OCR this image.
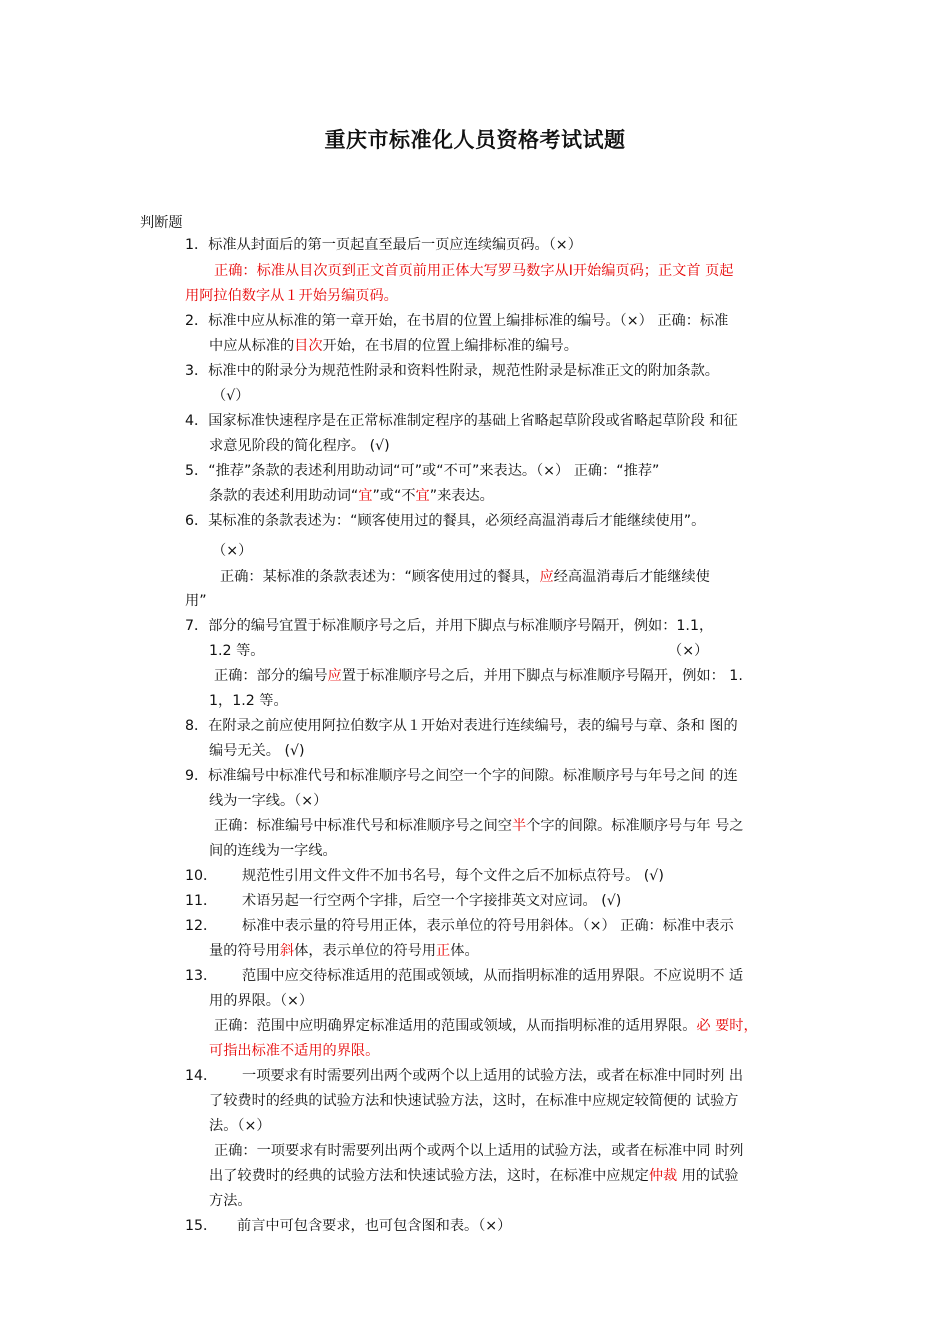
重庆市标准化人员资格考试试题
判断题
1．标准从封面后的第一页起直至最后一页应连续编页码。（×）
正确：标准从目次页到正文首页前用正体大写罗马数字从Ⅰ开始编页码；正文首 页起
用阿拉伯数字从１开始另编页码。
2．标准中应从标准的第一章开始，在书眉的位置上编排标准的编号。（×） 正确：标准
中应从标准的目次开始，在书眉的位置上编排标准的编号。
3．标准中的附录分为规范性附录和资料性附录，规范性附录是标准正文的附加条款。
（√）
4．国家标准快速程序是在正常标准制定程序的基础上省略起草阶段或省略起草阶段 和征
求意见阶段的简化程序。 (√)
5．“推荐”条款的表述利用助动词“可”或“不可”来表达。（×） 正确：“推荐”
条款的表述利用助动词“宜”或“不宜”来表达。
6．某标准的条款表述为：“顾客使用过的餐具，必须经高温消毒后才能继续使用”。
（×）
正确：某标准的条款表述为：“顾客使用过的餐具，应经高温消毒后才能继续使
用”
7．部分的编号宜置于标准顺序号之后，并用下脚点与标准顺序号隔开，例如：1.1，
1.2 等。	（×）
正确：部分的编号应置于标准顺序号之后，并用下脚点与标准顺序号隔开，例如： 1.
1，1.2 等。
8．在附录之前应使用阿拉伯数字从１开始对表进行连续编号，表的编号与章、条和 图的
编号无关。 (√)
9．标准编号中标准代号和标准顺序号之间空一个字的间隙。标准顺序号与年号之间 的连
线为一字线。（×）
正确：标准编号中标准代号和标准顺序号之间空半个字的间隙。标准顺序号与年 号之
间的连线为一字线。
10． 规范性引用文件文件不加书名号，每个文件之后不加标点符号。 (√)
11． 术语另起一行空两个字排，后空一个字接排英文对应词。 (√)
12． 标准中表示量的符号用正体，表示单位的符号用斜体。（×） 正确：标准中表示
量的符号用斜体，表示单位的符号用正体。
13． 范围中应交待标准适用的范围或领域，从而指明标准的适用界限。不应说明不 适
用的界限。（×）
正确：范围中应明确界定标准适用的范围或领域，从而指明标准的适用界限。必 要时，
可指出标准不适用的界限。
14． 一项要求有时需要列出两个或两个以上适用的试验方法，或者在标准中同时列 出
了较费时的经典的试验方法和快速试验方法，这时，在标准中应规定较简便的 试验方
法。（×）
正确：一项要求有时需要列出两个或两个以上适用的试验方法，或者在标准中同 时列
出了较费时的经典的试验方法和快速试验方法，这时，在标准中应规定仲裁 用的试验
方法。
15． 前言中可包含要求，也可包含图和表。（×）
